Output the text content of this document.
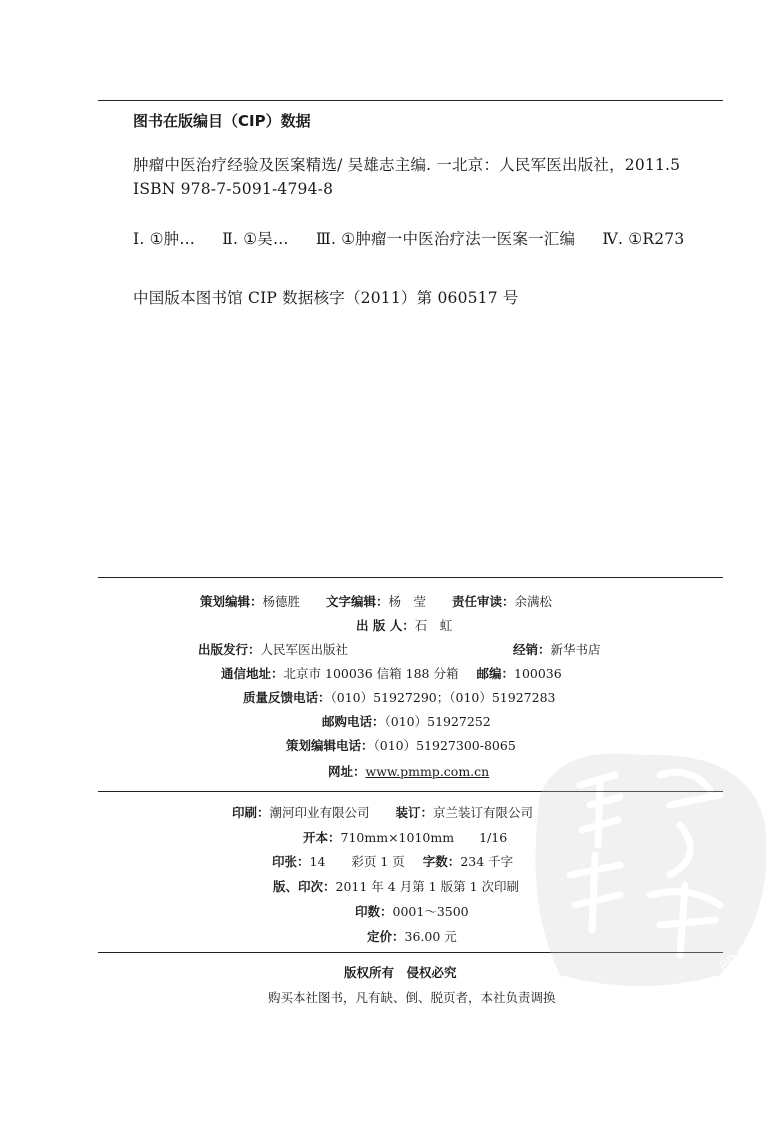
图书在版编目（CIP）数据
肿瘤中医治疗经验及医案精选/ 吴雄志主编. 一北京：人民军医出版社，2011.5
ISBN 978-7-5091-4794-8
Ⅰ. ①肿… Ⅱ. ①吴… Ⅲ. ①肿瘤一中医治疗法一医案一汇编 Ⅳ. ①R273
中国版本图书馆 CIP 数据核字（2011）第 060517 号
策划编辑：杨德胜 文字编辑：杨　莹 责任审读：余满松
出 版 人：石　虹
出版发行：人民军医出版社	经销：新华书店
通信地址：北京市 100036 信箱 188 分箱 邮编：100036
质量反馈电话：（010）51927290；（010）51927283
邮购电话：（010）51927252
策划编辑电话：（010）51927300-8065
网址：www.pmmp.com.cn
印刷：潮河印业有限公司 装订：京兰装订有限公司
开本：710mm×1010mm　　1/16
印张：14 彩页 1 页 字数：234 千字
版、印次：2011 年 4 月第 1 版第 1 次印刷
印数：0001～3500
定价：36.00 元
版权所有　侵权必究
购买本社图书，凡有缺、倒、脱页者，本社负责调换
PDG
